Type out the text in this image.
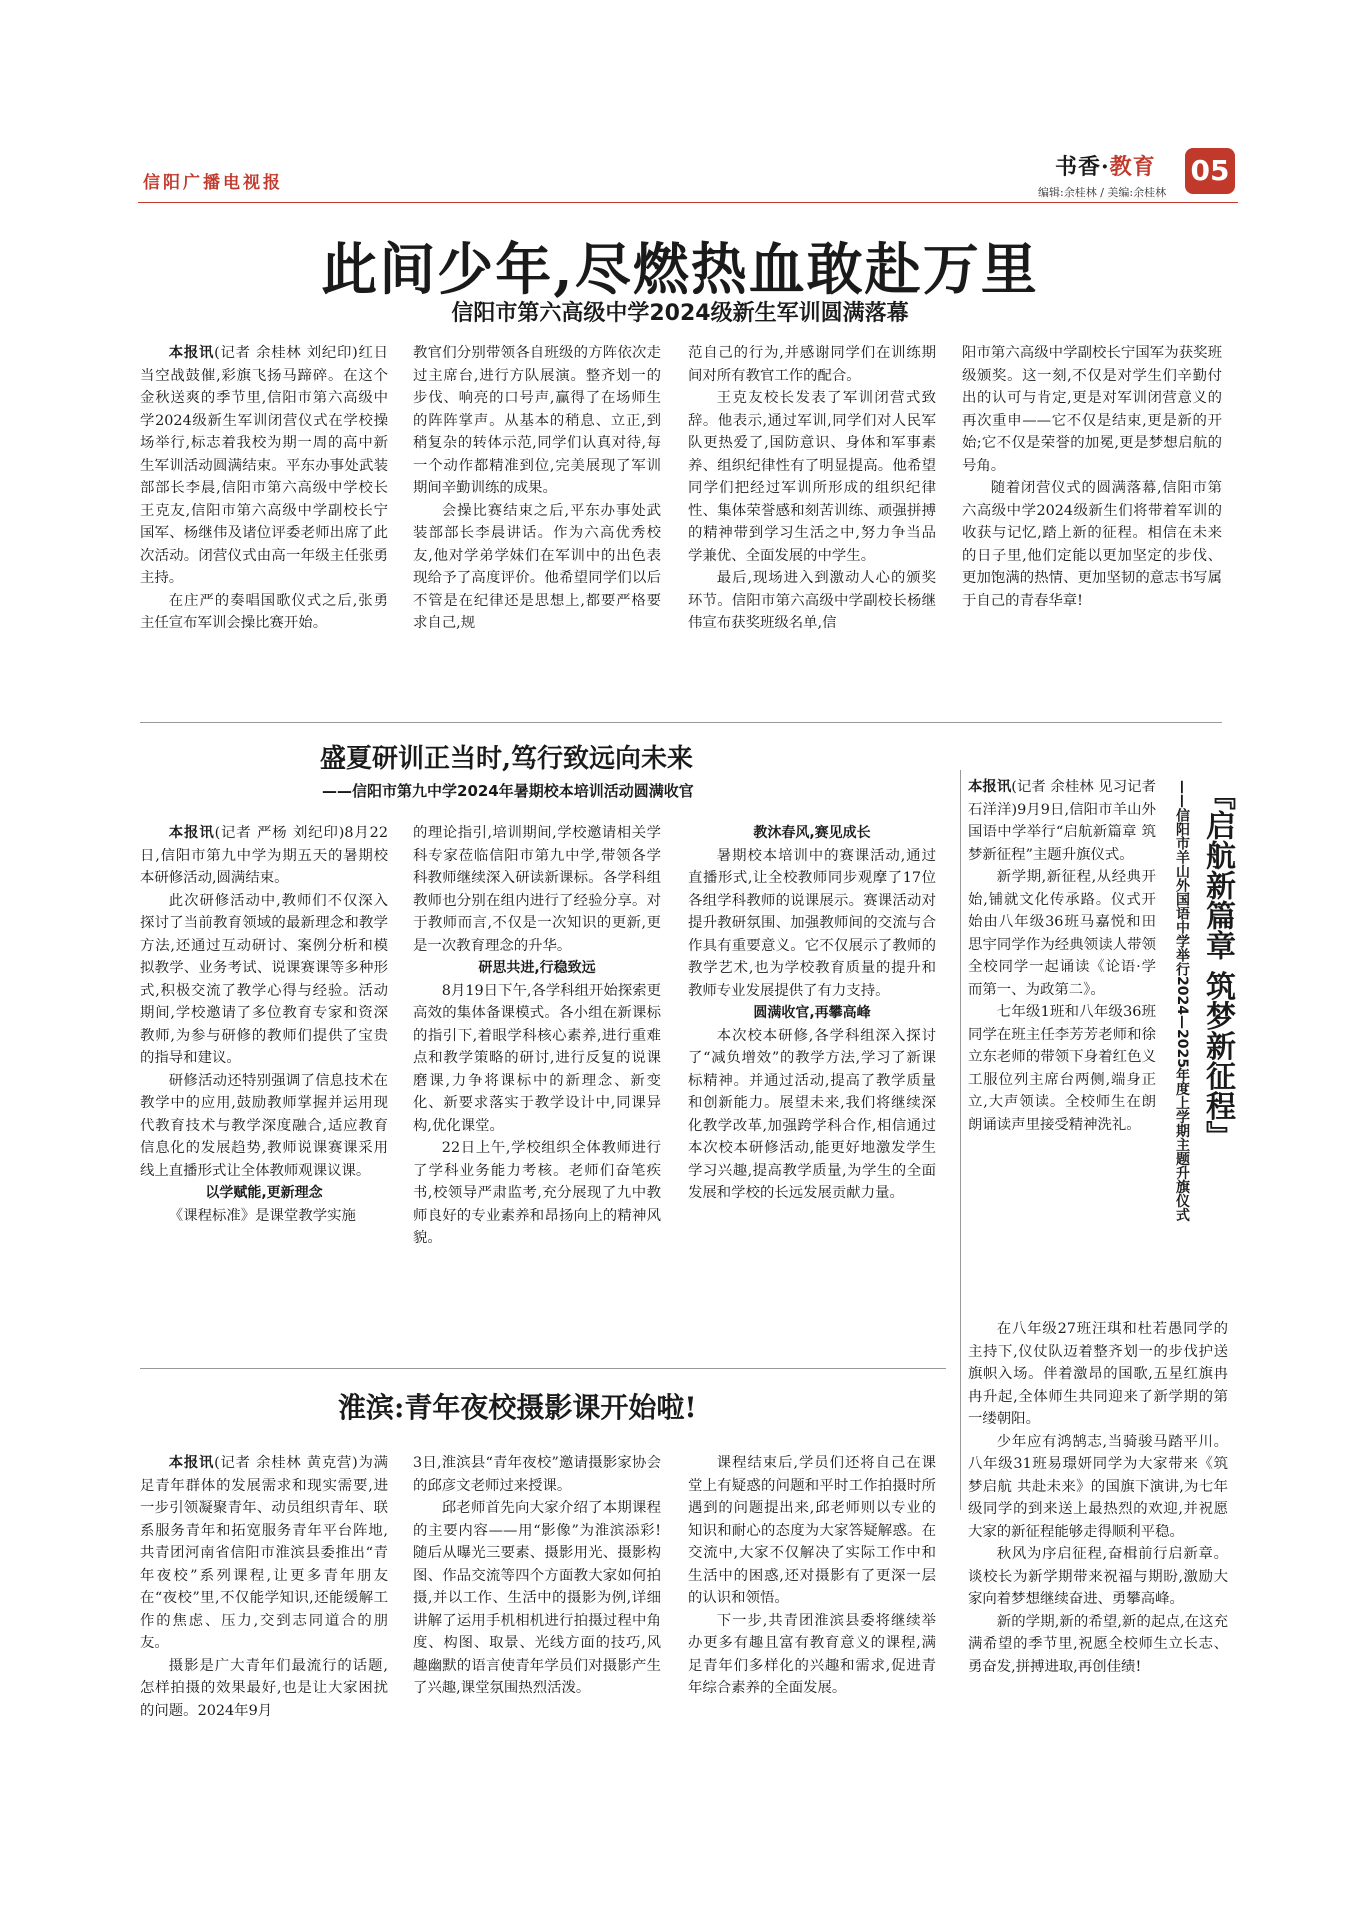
信阳广播电视报
书香·教育
编辑:余桂林 / 美编:余桂林
05
此间少年,尽燃热血敢赴万里
信阳市第六高级中学2024级新生军训圆满落幕

本报讯(记者 余桂林 刘纪印)红日当空战鼓催,彩旗飞扬马蹄碎。在这个金秋送爽的季节里,信阳市第六高级中学2024级新生军训闭营仪式在学校操场举行,标志着我校为期一周的高中新生军训活动圆满结束。平东办事处武装部部长李晨,信阳市第六高级中学校长王克友,信阳市第六高级中学副校长宁国军、杨继伟及诸位评委老师出席了此次活动。闭营仪式由高一年级主任张勇主持。

在庄严的奏唱国歌仪式之后,张勇主任宣布军训会操比赛开始。

教官们分别带领各自班级的方阵依次走过主席台,进行方队展演。整齐划一的步伐、响亮的口号声,赢得了在场师生的阵阵掌声。从基本的稍息、立正,到稍复杂的转体示范,同学们认真对待,每一个动作都精准到位,完美展现了军训期间辛勤训练的成果。

会操比赛结束之后,平东办事处武装部部长李晨讲话。作为六高优秀校友,他对学弟学妹们在军训中的出色表现给予了高度评价。他希望同学们以后不管是在纪律还是思想上,都要严格要求自己,规

范自己的行为,并感谢同学们在训练期间对所有教官工作的配合。

王克友校长发表了军训闭营式致辞。他表示,通过军训,同学们对人民军队更热爱了,国防意识、身体和军事素养、组织纪律性有了明显提高。他希望同学们把经过军训所形成的组织纪律性、集体荣誉感和刻苦训练、顽强拼搏的精神带到学习生活之中,努力争当品学兼优、全面发展的中学生。

最后,现场进入到激动人心的颁奖环节。信阳市第六高级中学副校长杨继伟宣布获奖班级名单,信

阳市第六高级中学副校长宁国军为获奖班级颁奖。这一刻,不仅是对学生们辛勤付出的认可与肯定,更是对军训闭营意义的再次重申——它不仅是结束,更是新的开始;它不仅是荣誉的加冕,更是梦想启航的号角。

随着闭营仪式的圆满落幕,信阳市第六高级中学2024级新生们将带着军训的收获与记忆,踏上新的征程。相信在未来的日子里,他们定能以更加坚定的步伐、更加饱满的热情、更加坚韧的意志书写属于自己的青春华章!

盛夏研训正当时,笃行致远向未来
——信阳市第九中学2024年暑期校本培训活动圆满收官

本报讯(记者 严杨 刘纪印)8月22日,信阳市第九中学为期五天的暑期校本研修活动,圆满结束。

此次研修活动中,教师们不仅深入探讨了当前教育领域的最新理念和教学方法,还通过互动研讨、案例分析和模拟教学、业务考试、说课赛课等多种形式,积极交流了教学心得与经验。活动期间,学校邀请了多位教育专家和资深教师,为参与研修的教师们提供了宝贵的指导和建议。

研修活动还特别强调了信息技术在教学中的应用,鼓励教师掌握并运用现代教育技术与教学深度融合,适应教育信息化的发展趋势,教师说课赛课采用线上直播形式让全体教师观课议课。

以学赋能,更新理念

《课程标准》是课堂教学实施

的理论指引,培训期间,学校邀请相关学科专家莅临信阳市第九中学,带领各学科教师继续深入研读新课标。各学科组教师也分别在组内进行了经验分享。对于教师而言,不仅是一次知识的更新,更是一次教育理念的升华。

研思共进,行稳致远

8月19日下午,各学科组开始探索更高效的集体备课模式。各小组在新课标的指引下,着眼学科核心素养,进行重难点和教学策略的研讨,进行反复的说课磨课,力争将课标中的新理念、新变化、新要求落实于教学设计中,同课异构,优化课堂。

22日上午,学校组织全体教师进行了学科业务能力考核。老师们奋笔疾书,校领导严肃监考,充分展现了九中教师良好的专业素养和昂扬向上的精神风貌。

教沐春风,赛见成长

暑期校本培训中的赛课活动,通过直播形式,让全校教师同步观摩了17位各组学科教师的说课展示。赛课活动对提升教研氛围、加强教师间的交流与合作具有重要意义。它不仅展示了教师的教学艺术,也为学校教育质量的提升和教师专业发展提供了有力支持。

圆满收官,再攀高峰

本次校本研修,各学科组深入探讨了“减负增效”的教学方法,学习了新课标精神。并通过活动,提高了教学质量和创新能力。展望未来,我们将继续深化教学改革,加强跨学科合作,相信通过本次校本研修活动,能更好地激发学生学习兴趣,提高教学质量,为学生的全面发展和学校的长远发展贡献力量。

本报讯(记者 余桂林 见习记者 石洋洋)9月9日,信阳市羊山外国语中学举行“启航新篇章 筑梦新征程”主题升旗仪式。

新学期,新征程,从经典开始,铺就文化传承路。仪式开始由八年级36班马嘉悦和田思宇同学作为经典领读人带领全校同学一起诵读《论语·学而第一、为政第二》。

七年级1班和八年级36班同学在班主任李芳芳老师和徐立东老师的带领下身着红色义工服位列主席台两侧,端身正立,大声领读。全校师生在朗朗诵读声里接受精神洗礼。	——信阳市羊山外国语中学举行2024—2025年度上学期主题升旗仪式 『启航新篇章 筑梦新征程』

在八年级27班汪琪和杜若愚同学的主持下,仪仗队迈着整齐划一的步伐护送旗帜入场。伴着激昂的国歌,五星红旗冉冉升起,全体师生共同迎来了新学期的第一缕朝阳。

少年应有鸿鹄志,当骑骏马踏平川。八年级31班易璟妍同学为大家带来《筑梦启航 共赴未来》的国旗下演讲,为七年级同学的到来送上最热烈的欢迎,并祝愿大家的新征程能够走得顺利平稳。

秋风为序启征程,奋楫前行启新章。谈校长为新学期带来祝福与期盼,激励大家向着梦想继续奋进、勇攀高峰。

新的学期,新的希望,新的起点,在这充满希望的季节里,祝愿全校师生立长志、勇奋发,拼搏进取,再创佳绩!

淮滨:青年夜校摄影课开始啦!

本报讯(记者 余桂林 黄克营)为满足青年群体的发展需求和现实需要,进一步引领凝聚青年、动员组织青年、联系服务青年和拓宽服务青年平台阵地,共青团河南省信阳市淮滨县委推出“青年夜校”系列课程,让更多青年朋友在“夜校”里,不仅能学知识,还能缓解工作的焦虑、压力,交到志同道合的朋友。

摄影是广大青年们最流行的话题,怎样拍摄的效果最好,也是让大家困扰的问题。2024年9月

3日,淮滨县“青年夜校”邀请摄影家协会的邱彦文老师过来授课。

邱老师首先向大家介绍了本期课程的主要内容——用“影像”为淮滨添彩!随后从曝光三要素、摄影用光、摄影构图、作品交流等四个方面教大家如何拍摄,并以工作、生活中的摄影为例,详细讲解了运用手机相机进行拍摄过程中角度、构图、取景、光线方面的技巧,风趣幽默的语言使青年学员们对摄影产生了兴趣,课堂氛围热烈活泼。

课程结束后,学员们还将自己在课堂上有疑惑的问题和平时工作拍摄时所遇到的问题提出来,邱老师则以专业的知识和耐心的态度为大家答疑解惑。在交流中,大家不仅解决了实际工作中和生活中的困惑,还对摄影有了更深一层的认识和领悟。

下一步,共青团淮滨县委将继续举办更多有趣且富有教育意义的课程,满足青年们多样化的兴趣和需求,促进青年综合素养的全面发展。
